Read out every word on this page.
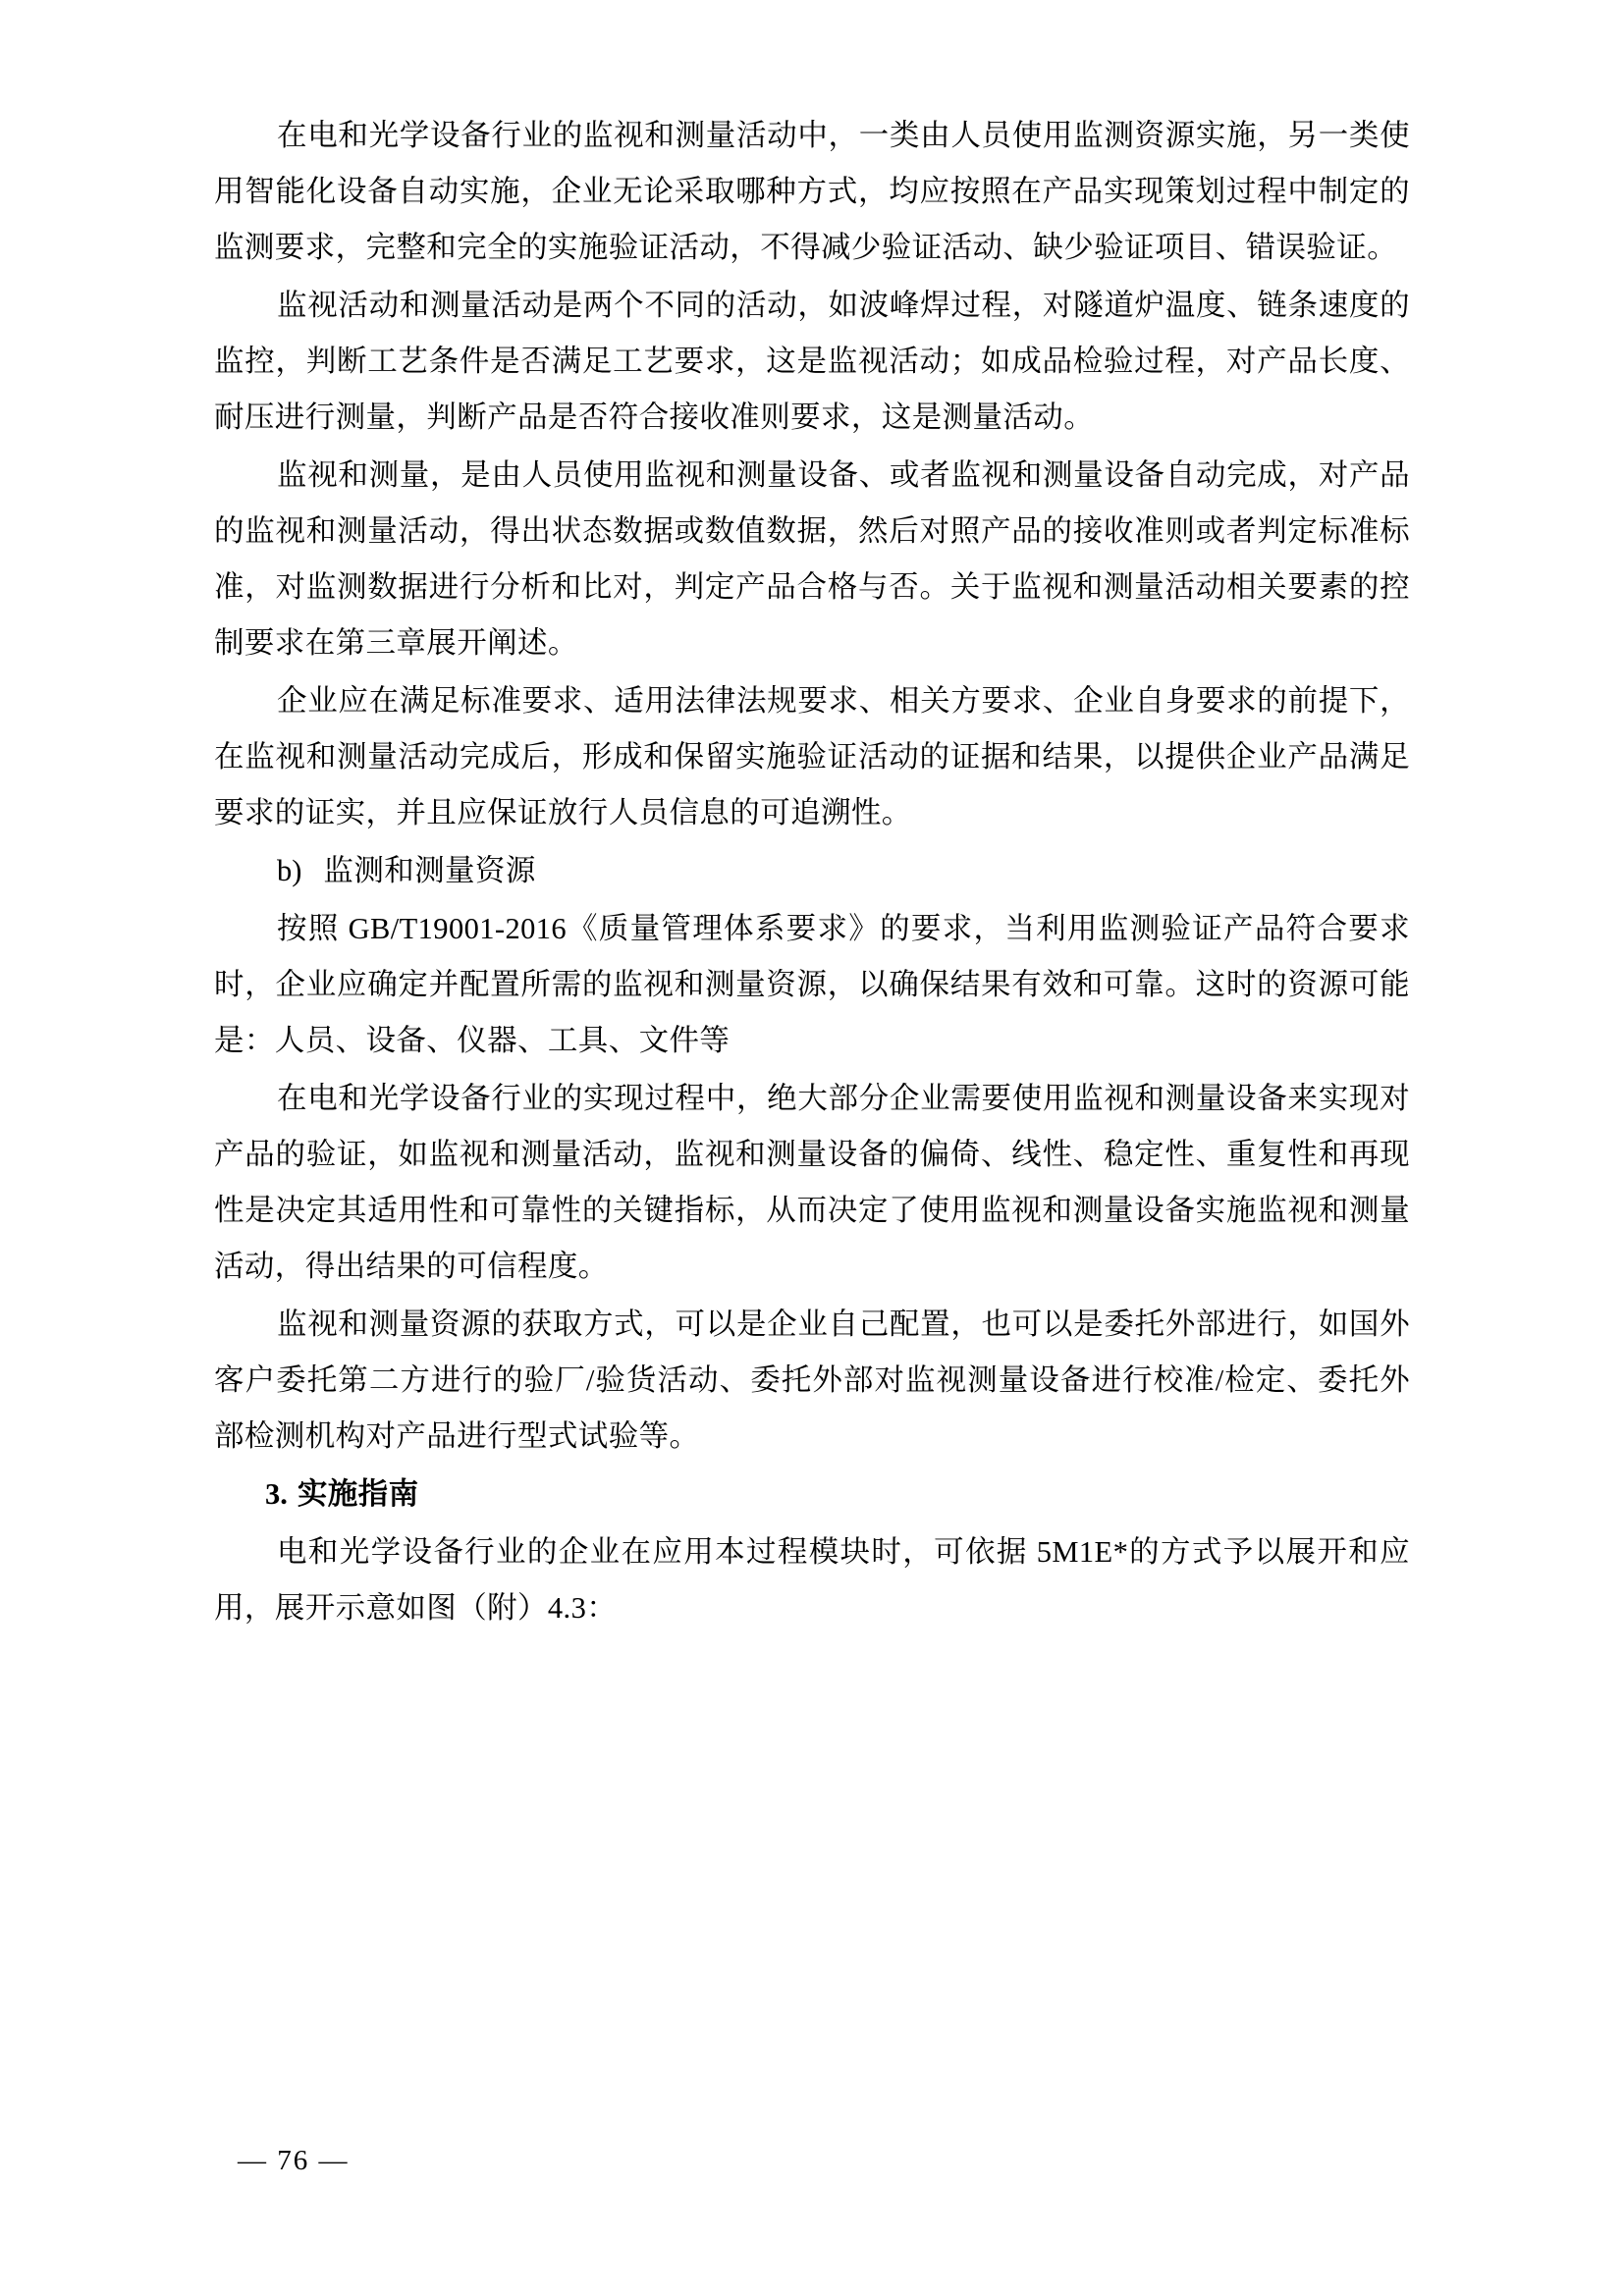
在电和光学设备行业的监视和测量活动中，一类由人员使用监测资源实施，另一类使用智能化设备自动实施，企业无论采取哪种方式，均应按照在产品实现策划过程中制定的监测要求，完整和完全的实施验证活动，不得减少验证活动、缺少验证项目、错误验证。

监视活动和测量活动是两个不同的活动，如波峰焊过程，对隧道炉温度、链条速度的监控，判断工艺条件是否满足工艺要求，这是监视活动；如成品检验过程，对产品长度、耐压进行测量，判断产品是否符合接收准则要求，这是测量活动。

监视和测量，是由人员使用监视和测量设备、或者监视和测量设备自动完成，对产品的监视和测量活动，得出状态数据或数值数据，然后对照产品的接收准则或者判定标准标准，对监测数据进行分析和比对，判定产品合格与否。关于监视和测量活动相关要素的控制要求在第三章展开阐述。

企业应在满足标准要求、适用法律法规要求、相关方要求、企业自身要求的前提下，在监视和测量活动完成后，形成和保留实施验证活动的证据和结果，以提供企业产品满足要求的证实，并且应保证放行人员信息的可追溯性。

b) 监测和测量资源

按照 GB/T19001-2016《质量管理体系要求》的要求，当利用监测验证产品符合要求时，企业应确定并配置所需的监视和测量资源，以确保结果有效和可靠。这时的资源可能是：人员、设备、仪器、工具、文件等

在电和光学设备行业的实现过程中，绝大部分企业需要使用监视和测量设备来实现对产品的验证，如监视和测量活动，监视和测量设备的偏倚、线性、稳定性、重复性和再现性是决定其适用性和可靠性的关键指标，从而决定了使用监视和测量设备实施监视和测量活动，得出结果的可信程度。

监视和测量资源的获取方式，可以是企业自己配置，也可以是委托外部进行，如国外客户委托第二方进行的验厂/验货活动、委托外部对监视测量设备进行校准/检定、委托外部检测机构对产品进行型式试验等。

3. 实施指南

电和光学设备行业的企业在应用本过程模块时，可依据 5M1E*的方式予以展开和应用，展开示意如图（附）4.3：

— 76 —
